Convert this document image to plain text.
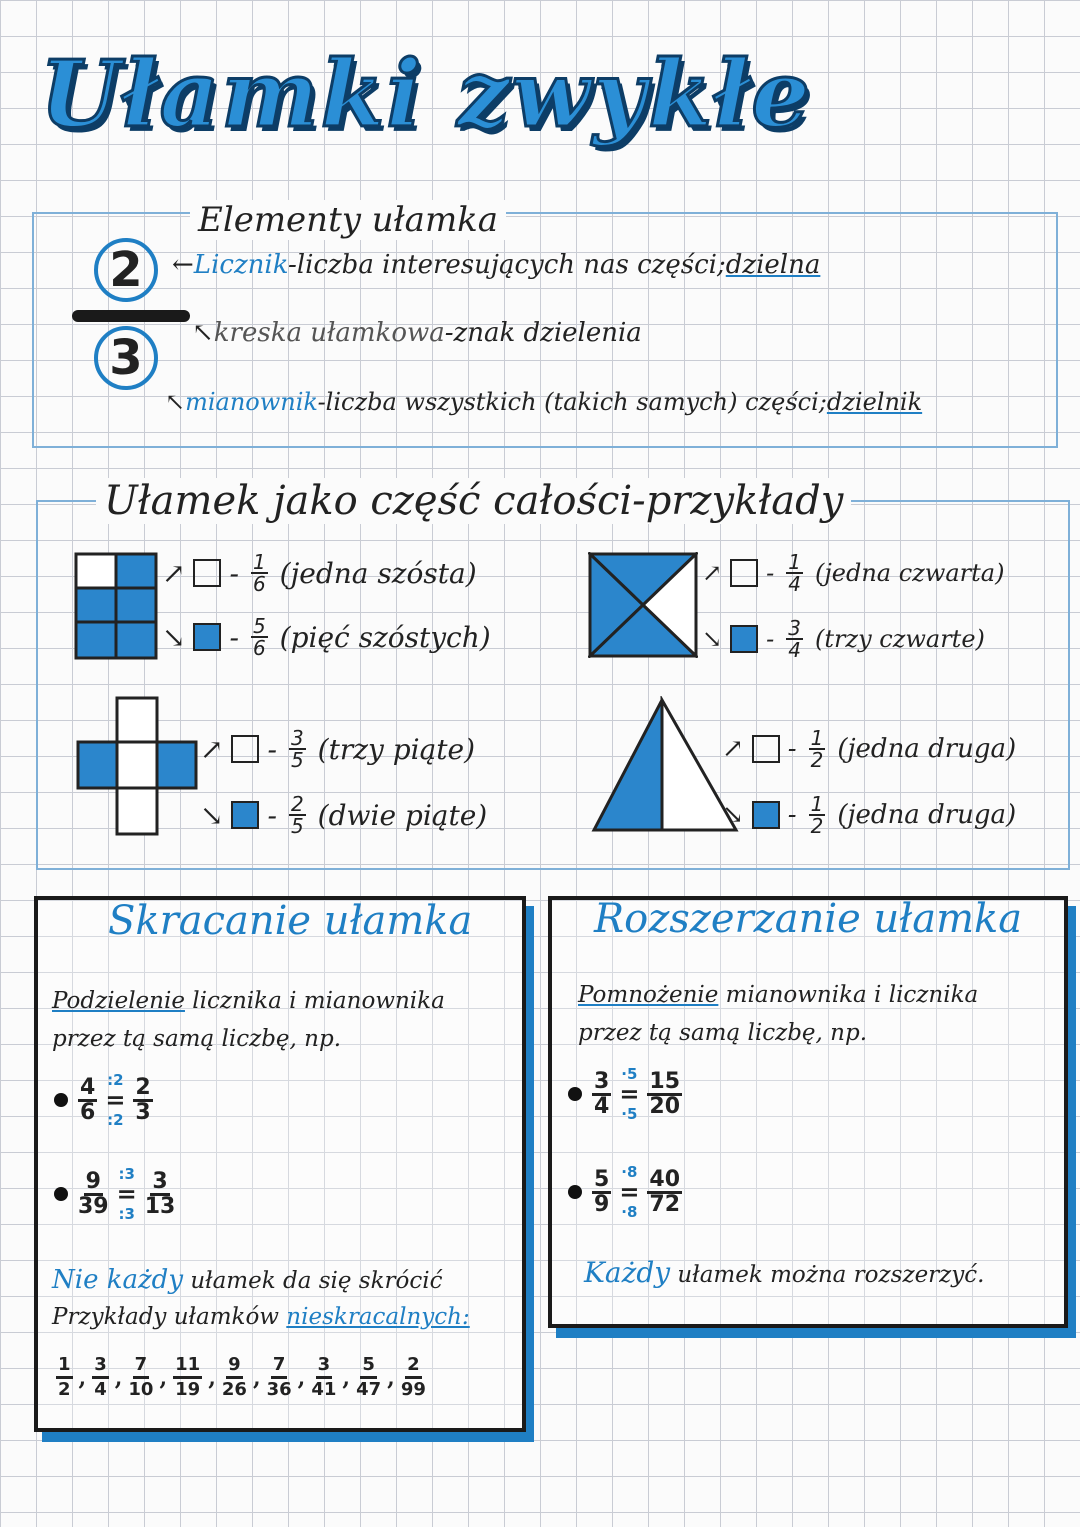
Ułamki zwykłe
Elementy ułamka
$\frac{2}{3}$
←Licznik-liczba interesujących nas części;dzielna
↖kreska ułamkowa-znak dzielenia
↖mianownik-liczba wszystkich (takich samych) części;dzielnik
Ułamek jako część całości-przykłady
↗ - $\frac{1}{6}$ (jedna szósta)
↘ - $\frac{5}{6}$ (pięć szóstych)
↗ - $\frac{1}{4}$ (jedna czwarta)
↘ - $\frac{3}{4}$ (trzy czwarte)
↗ - $\frac{3}{5}$ (trzy piąte)
↘ - $\frac{2}{5}$ (dwie piąte)
↗ - $\frac{1}{2}$ (jedna druga)
↘ - $\frac{1}{2}$ (jedna druga)
Skracanie ułamka
Podzielenie licznika i mianownika
przez tą samą liczbę, np.
4
6
:2
=
:2
2
3
9
39
:3
=
:3
3
13
Nie każdy ułamek da się skrócić
Przykłady ułamków nieskracalnych:
1
2 , 3
4 , 7
10 , 11
19 , 9
26 , 7
36 , 3
41 , 5
47 , 2
99
Rozszerzanie ułamka
Pomnożenie mianownika i licznika
przez tą samą liczbę, np.
3
4
·5
=
·5
15
20
5
9
·8
=
·8
40
72
Każdy ułamek można rozszerzyć.
